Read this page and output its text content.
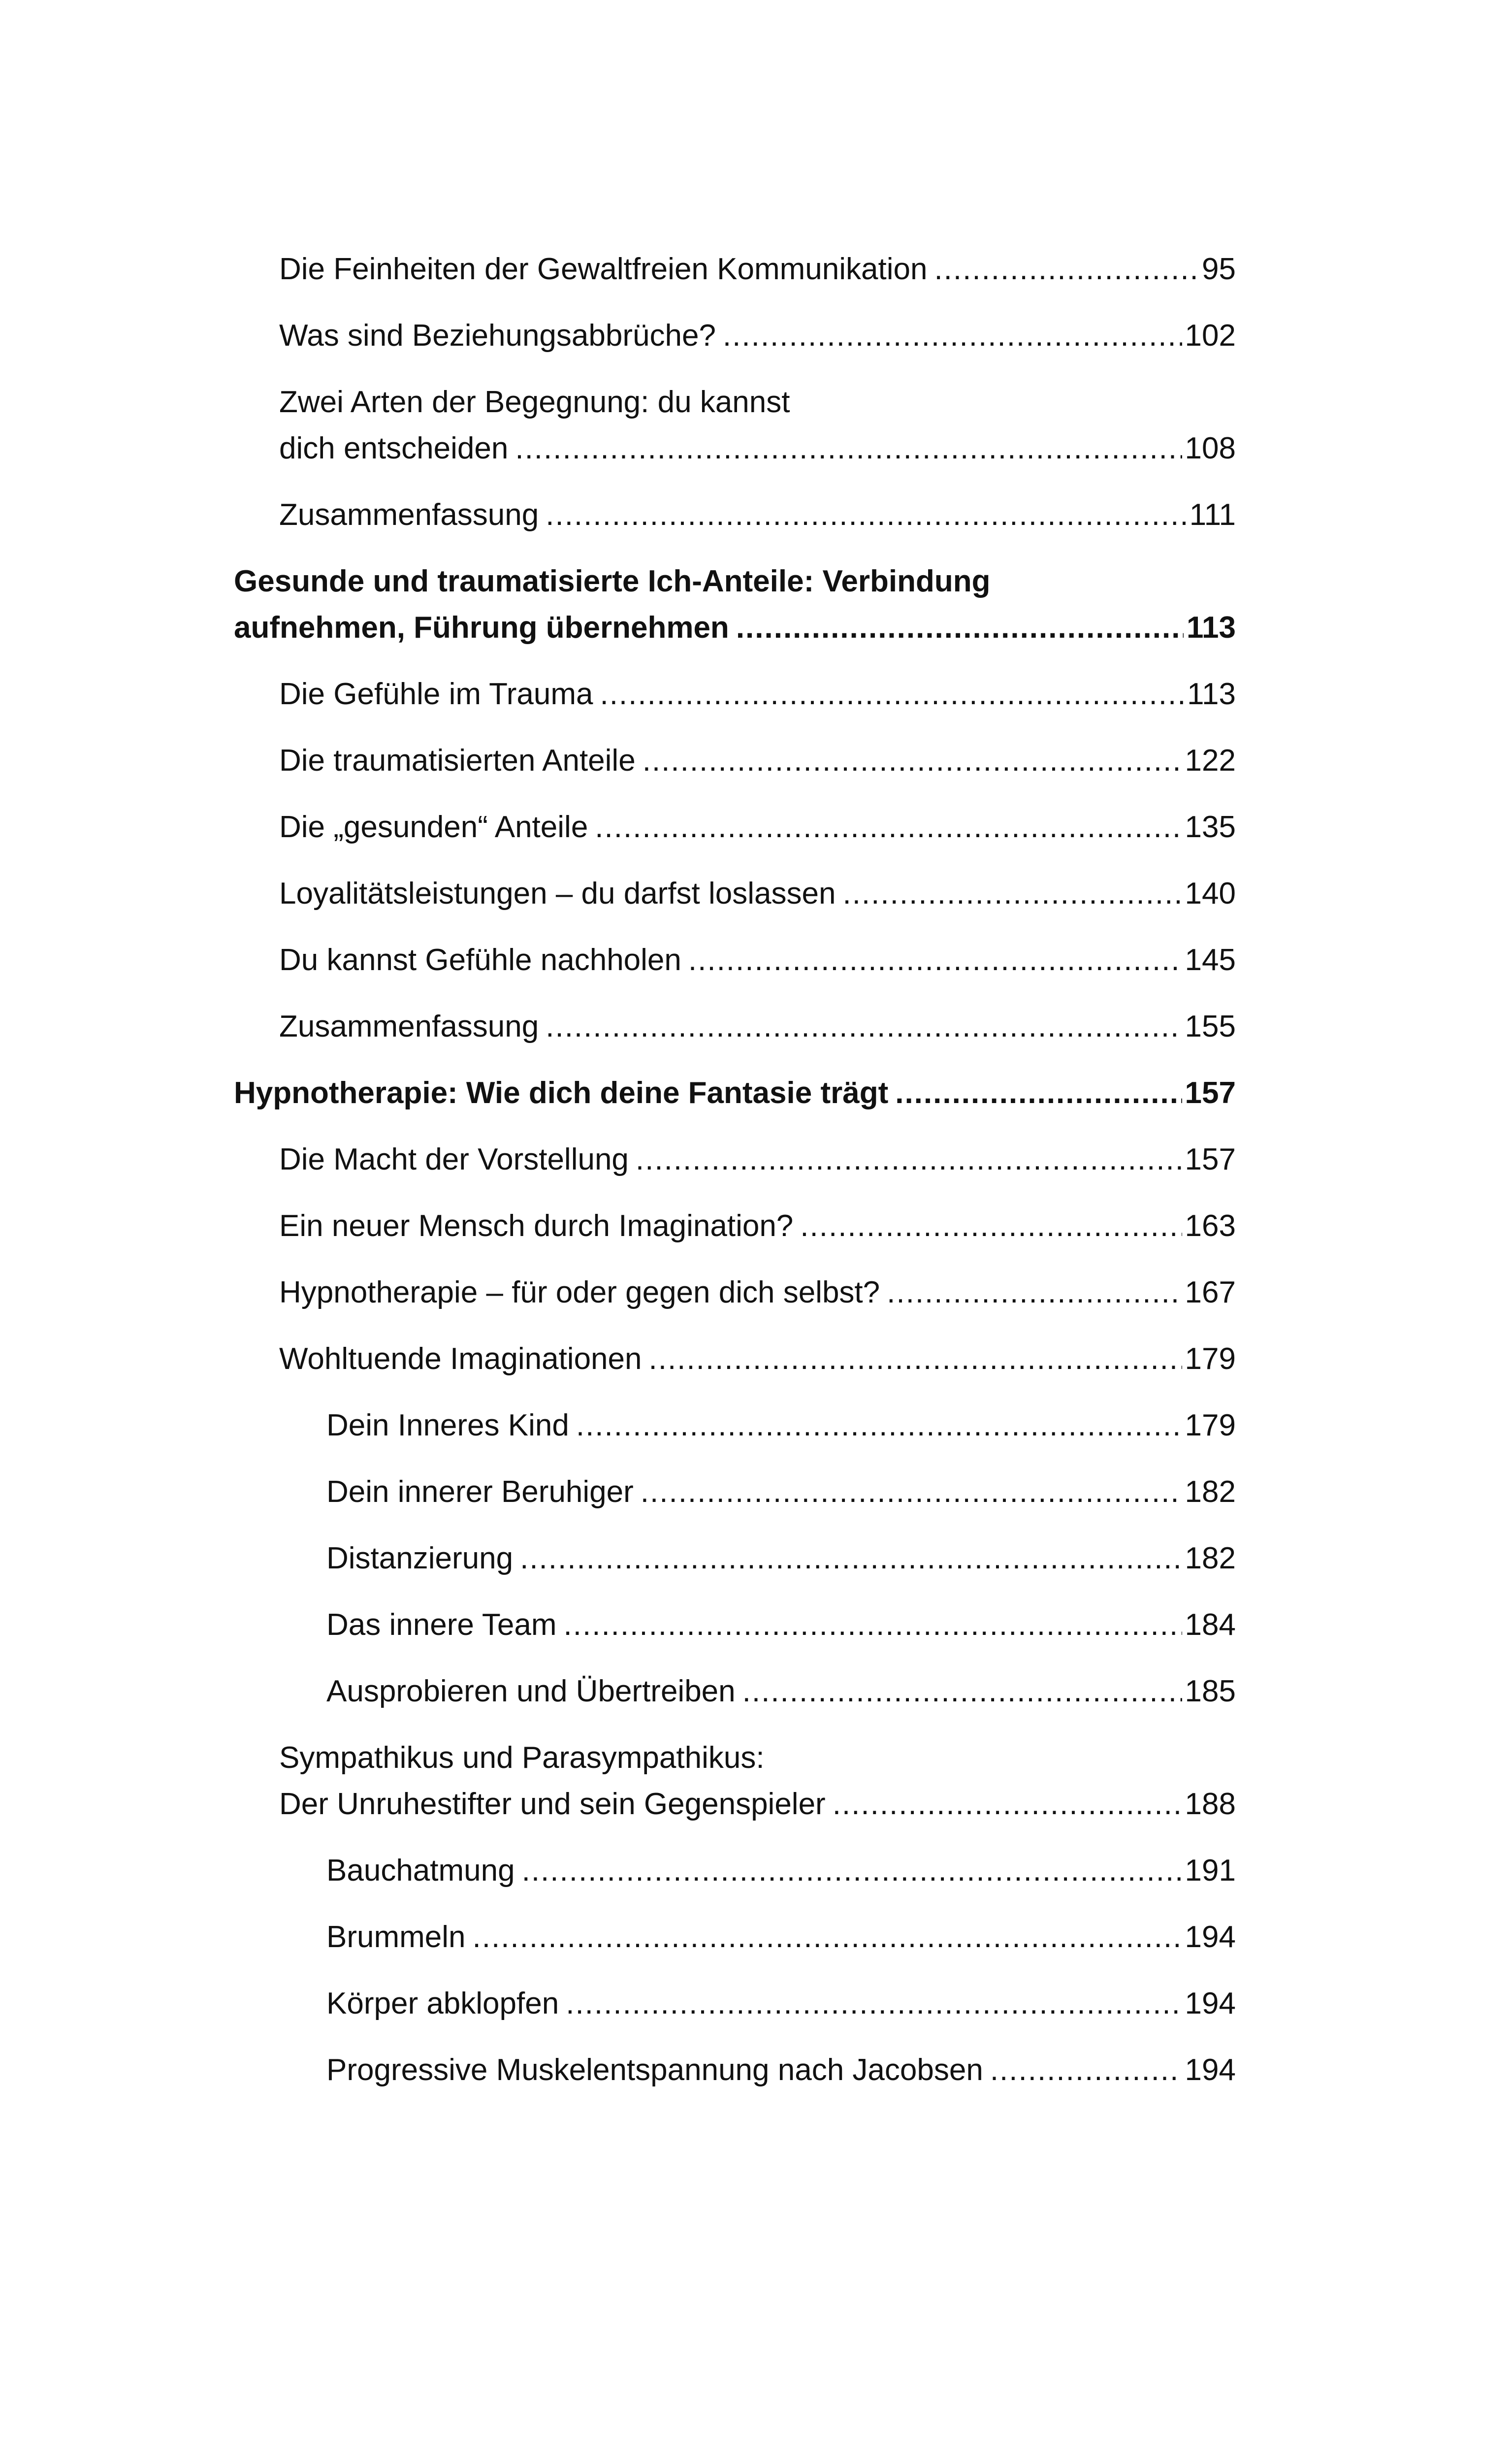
Die Feinheiten der Gewaltfreien Kommunikation .....	95
Was sind Beziehungsabbrüche? .....	102
Zwei Arten der Begegnung: du kannst
dich entscheiden .....	108
Zusammenfassung .....	111
Gesunde und traumatisierte Ich-Anteile: Verbindung
aufnehmen, Führung übernehmen .....	113
Die Gefühle im Trauma .....	113
Die traumatisierten Anteile .....	122
Die „gesunden“ Anteile .....	135
Loyalitätsleistungen – du darfst loslassen .....	140
Du kannst Gefühle nachholen .....	145
Zusammenfassung .....	155
Hypnotherapie: Wie dich deine Fantasie trägt .....	157
Die Macht der Vorstellung .....	157
Ein neuer Mensch durch Imagination? .....	163
Hypnotherapie – für oder gegen dich selbst? .....	167
Wohltuende Imaginationen .....	179
Dein Inneres Kind .....	179
Dein innerer Beruhiger .....	182
Distanzierung .....	182
Das innere Team .....	184
Ausprobieren und Übertreiben .....	185
Sympathikus und Parasympathikus:
Der Unruhestifter und sein Gegenspieler .....	188
Bauchatmung .....	191
Brummeln .....	194
Körper abklopfen .....	194
Progressive Muskelentspannung nach Jacobsen .....	194
